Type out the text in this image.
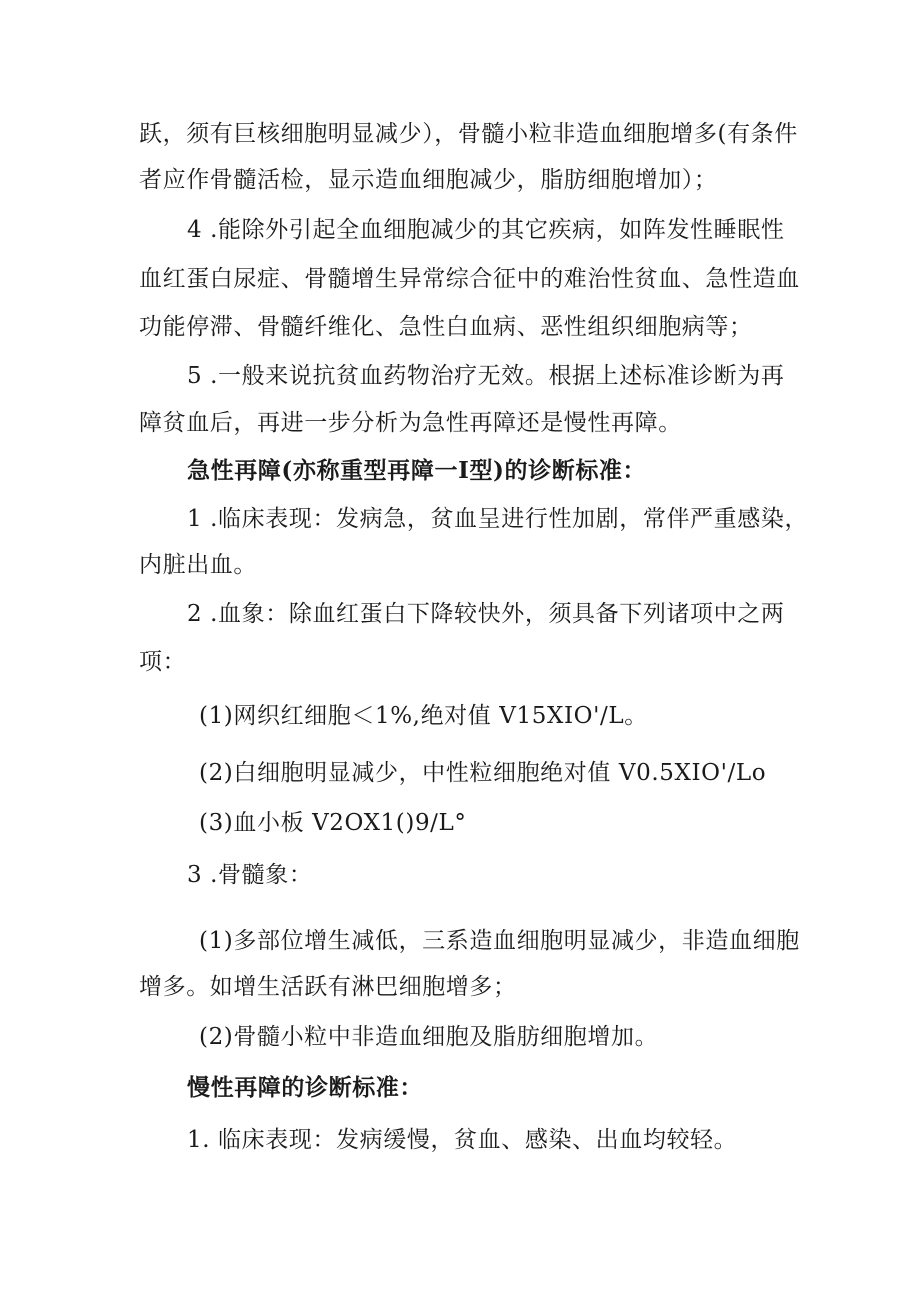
跃，须有巨核细胞明显减少），骨髓小粒非造血细胞增多(有条件
者应作骨髓活检，显示造血细胞减少，脂肪细胞增加）；
4 .能除外引起全血细胞减少的其它疾病，如阵发性睡眠性
血红蛋白尿症、骨髓增生异常综合征中的难治性贫血、急性造血
功能停滞、骨髓纤维化、急性白血病、恶性组织细胞病等；
5 .一般来说抗贫血药物治疗无效。根据上述标准诊断为再
障贫血后，再进一步分析为急性再障还是慢性再障。
急性再障(亦称重型再障一Ⅰ型)的诊断标准：
1 .临床表现：发病急，贫血呈进行性加剧，常伴严重感染，
内脏出血。
2 .血象：除血红蛋白下降较快外，须具备下列诸项中之两
项：
(1)网织红细胞＜1%,绝对值 V15XIO'/L。
(2)白细胞明显减少，中性粒细胞绝对值 V0.5XIO'/Lo
(3)血小板 V2OX1()9∕L°
3 .骨髓象：
(1)多部位增生减低，三系造血细胞明显减少，非造血细胞
增多。如增生活跃有淋巴细胞增多；
(2)骨髓小粒中非造血细胞及脂肪细胞增加。
慢性再障的诊断标准：
1. 临床表现：发病缓慢，贫血、感染、出血均较轻。
